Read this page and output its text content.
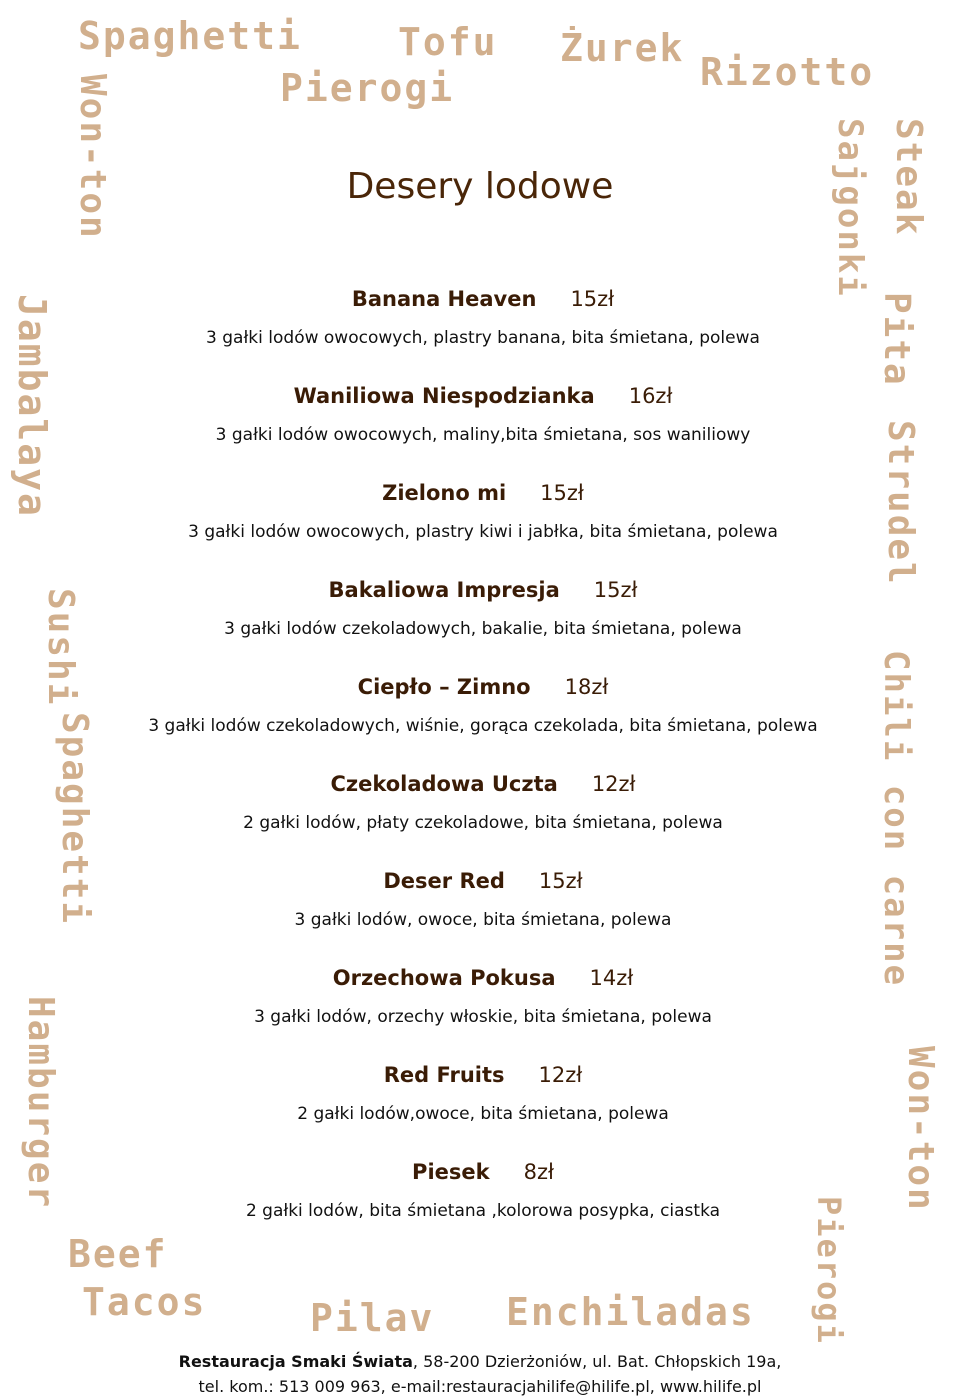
Spaghetti	Tofu Żurek
Rizotto
Pierogi
Won-ton
Jambalaya
Sushi
Spaghetti
Hamburger
Sajgonki Steak
Pita
Strudel
Chili con carne
Won-ton
Pierogi
Beef
Tacos	Pilav Enchiladas
Desery lodowe
Banana Heaven 15zł
3 gałki lodów owocowych, plastry banana, bita śmietana, polewa
Waniliowa Niespodzianka 16zł
3 gałki lodów owocowych, maliny,bita śmietana, sos waniliowy
Zielono mi 15zł
3 gałki lodów owocowych, plastry kiwi i jabłka, bita śmietana, polewa
Bakaliowa Impresja 15zł
3 gałki lodów czekoladowych, bakalie, bita śmietana, polewa
Ciepło – Zimno 18zł
3 gałki lodów czekoladowych, wiśnie, gorąca czekolada, bita śmietana, polewa
Czekoladowa Uczta 12zł
2 gałki lodów, płaty czekoladowe, bita śmietana, polewa
Deser Red 15zł
3 gałki lodów, owoce, bita śmietana, polewa
Orzechowa Pokusa 14zł
3 gałki lodów, orzechy włoskie, bita śmietana, polewa
Red Fruits 12zł
2 gałki lodów,owoce, bita śmietana, polewa
Piesek 8zł
2 gałki lodów, bita śmietana ,kolorowa posypka, ciastka
Restauracja Smaki Świata, 58-200 Dzierżoniów, ul. Bat. Chłopskich 19a,
tel. kom.: 513 009 963, e-mail:restauracjahilife@hilife.pl, www.hilife.pl
